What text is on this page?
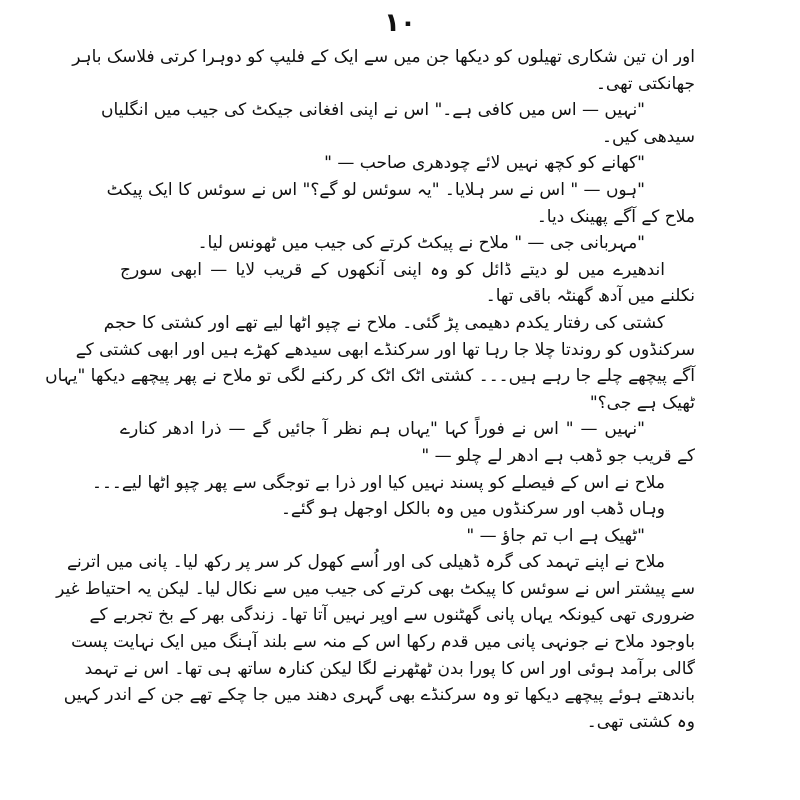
۱۰
اور ان تین شکاری تھیلوں کو دیکھا جن میں سے ایک کے فلیپ کو دوہرا کرتی فلاسک باہر
جھانکتی تھی۔
"نہیں — اس میں کافی ہے۔" اس نے اپنی افغانی جیکٹ کی جیب میں انگلیاں
سیدھی کیں۔
"کھانے کو کچھ نہیں لائے چودھری صاحب — "
"ہوں — " اس نے سر ہلایا۔ "یہ سوئس لو گے؟" اس نے سوئس کا ایک پیکٹ
ملاح کے آگے پھینک دیا۔
"مہربانی جی — " ملاح نے پیکٹ کرتے کی جیب میں ٹھونس لیا۔
اندھیرے میں لو دیتے ڈائل کو وہ اپنی آنکھوں کے قریب لایا — ابھی سورج
نکلنے میں آدھ گھنٹہ باقی تھا۔
کشتی کی رفتار یکدم دھیمی پڑ گئی۔ ملاح نے چپو اٹھا لیے تھے اور کشتی کا حجم
سرکنڈوں کو روندتا چلا جا رہا تھا اور سرکنڈے ابھی سیدھے کھڑے ہیں اور ابھی کشتی کے
آگے پیچھے چلے جا رہے ہیں۔۔۔ کشتی اٹک اٹک کر رکنے لگی تو ملاح نے پھر پیچھے دیکھا "یہاں
ٹھیک ہے جی؟"
"نہیں — " اس نے فوراً کہا "یہاں ہم نظر آ جائیں گے — ذرا ادھر کنارے
کے قریب جو ڈھب ہے ادھر لے چلو — "
ملاح نے اس کے فیصلے کو پسند نہیں کیا اور ذرا بے توجگی سے پھر چپو اٹھا لیے۔۔۔
وہاں ڈھب اور سرکنڈوں میں وہ بالکل اوجھل ہو گئے۔
"ٹھیک ہے اب تم جاؤ — "
ملاح نے اپنے تہمد کی گرہ ڈھیلی کی اور اُسے کھول کر سر پر رکھ لیا۔ پانی میں اترنے
سے پیشتر اس نے سوئس کا پیکٹ بھی کرتے کی جیب میں سے نکال لیا۔ لیکن یہ احتیاط غیر
ضروری تھی کیونکہ یہاں پانی گھٹنوں سے اوپر نہیں آتا تھا۔ زندگی بھر کے بخ تجربے کے
باوجود ملاح نے جونہی پانی میں قدم رکھا اس کے منہ سے بلند آہنگ میں ایک نہایت پست
گالی برآمد ہوئی اور اس کا پورا بدن ٹھٹھرنے لگا لیکن کنارہ ساتھ ہی تھا۔ اس نے تہمد
باندھتے ہوئے پیچھے دیکھا تو وہ سرکنڈے بھی گہری دھند میں جا چکے تھے جن کے اندر کہیں
وہ کشتی تھی۔
